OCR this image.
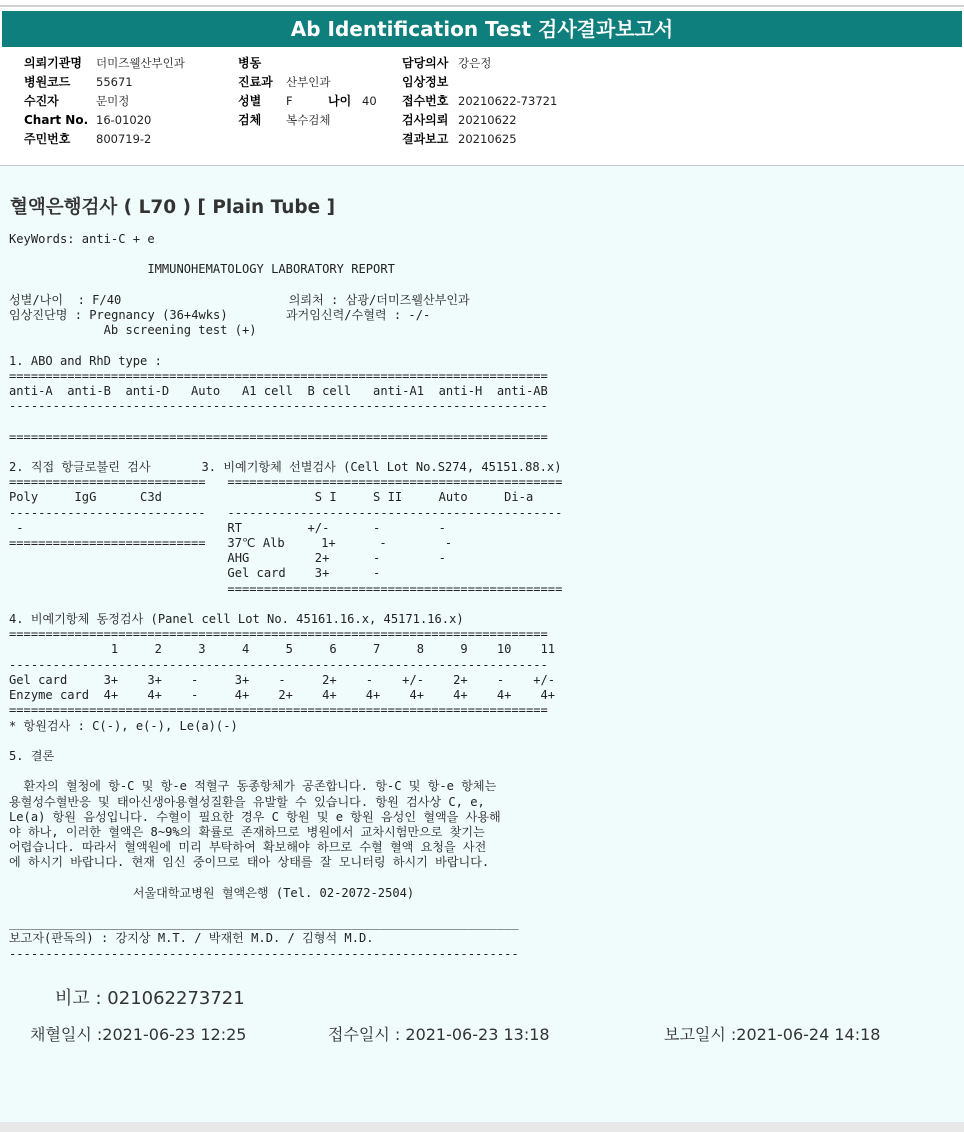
Ab Identification Test 검사결과보고서
의뢰기관명 더미즈웰산부인과
병원코드 55671
수진자	문미정
Chart No. 16-01020
주민번호 800719-2
병동
진료과 산부인과
성별 F	나이 40
검체 복수검체
담당의사 강은정
임상정보
접수번호 20210622-73721
검사의뢰 20210622
결과보고 20210625
혈액은행검사 ( L70 ) [ Plain Tube ]
KeyWords: anti-C + e

IMMUNOHEMATOLOGY LABORATORY REPORT

성별/나이  : F/40                       의뢰처 : 삼광/더미즈웰산부인과
임상진단명 : Pregnancy (36+4wks)        과거임신력/수혈력 : -/-
Ab screening test (+)

1. ABO and RhD type :
==========================================================================
anti-A  anti-B  anti-D   Auto   A1 cell  B cell   anti-A1  anti-H  anti-AB
--------------------------------------------------------------------------

==========================================================================

2. 직접 항글로불린 검사       3. 비예기항체 선별검사 (Cell Lot No.S274, 45151.88.x)
===========================   ==============================================
Poly     IgG      C3d                     S I     S II     Auto     Di-a
---------------------------   ----------------------------------------------
-                            RT         +/-      -        -
===========================   37℃ Alb     1+      -        -
AHG         2+      -        -
Gel card    3+      -
==============================================

4. 비예기항체 동정검사 (Panel cell Lot No. 45161.16.x, 45171.16.x)
==========================================================================
1     2     3     4     5     6     7     8     9    10    11
--------------------------------------------------------------------------
Gel card     3+    3+    -     3+    -     2+    -    +/-    2+    -    +/-
Enzyme card  4+    4+    -     4+    2+    4+    4+    4+    4+    4+    4+
==========================================================================
* 항원검사 : C(-), e(-), Le(a)(-)

5. 결론

환자의 혈청에 항-C 및 항-e 적혈구 동종항체가 공존합니다. 항-C 및 항-e 항체는
용혈성수혈반응 및 태아신생아용혈성질환을 유발할 수 있습니다. 항원 검사상 C, e,
Le(a) 항원 음성입니다. 수혈이 필요한 경우 C 항원 및 e 항원 음성인 혈액을 사용해
야 하나, 이러한 혈액은 8~9%의 확률로 존재하므로 병원에서 교차시험만으로 찾기는
어렵습니다. 따라서 혈액원에 미리 부탁하여 확보해야 하므로 수혈 혈액 요청을 사전
에 하시기 바랍니다. 현재 임신 중이므로 태아 상태를 잘 모니터링 하시기 바랍니다.

서울대학교병원 혈액은행 (Tel. 02-2072-2504)

______________________________________________________________________
보고자(판독의) : 강지상 M.T. / 박재헌 M.D. / 김형석 M.D.
----------------------------------------------------------------------
비고 : 021062273721
채혈일시 :2021-06-23 12:25	접수일시 : 2021-06-23 13:18	보고일시 :2021-06-24 14:18
